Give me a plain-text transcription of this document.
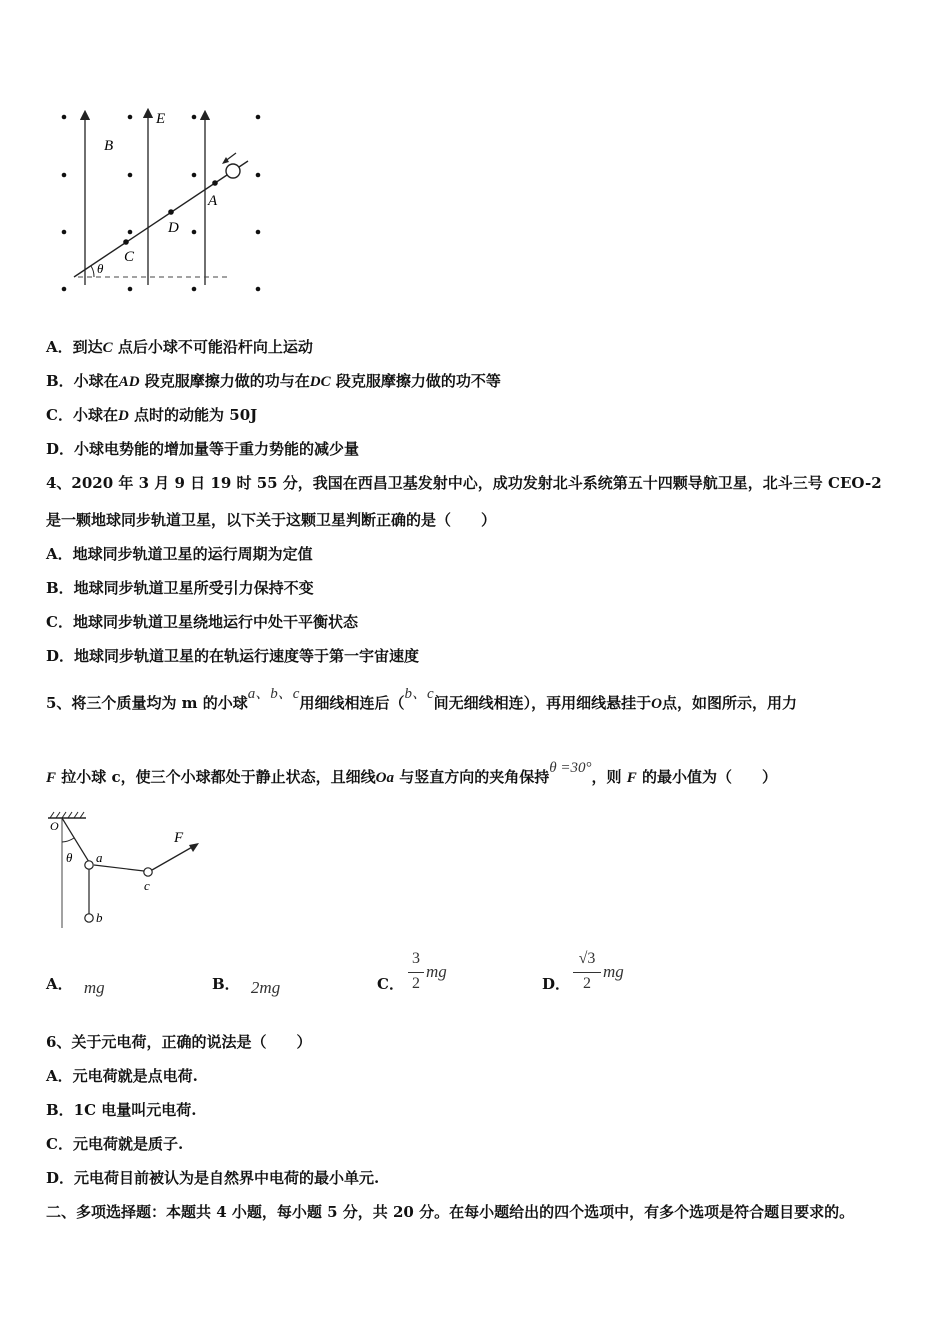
B
E
A
D
C
θ
A．到达C 点后小球不可能沿杆向上运动
B．小球在AD 段克服摩擦力做的功与在DC 段克服摩擦力做的功不等
C．小球在D 点时的动能为 50J
D．小球电势能的增加量等于重力势能的减少量
4、2020 年 3 月 9 日 19 时 55 分，我国在西昌卫基发射中心，成功发射北斗系统第五十四颗导航卫星，北斗三号 CEO-2
是一颗地球同步轨道卫星，以下关于这颗卫星判断正确的是（　　）
A．地球同步轨道卫星的运行周期为定值
B．地球同步轨道卫星所受引力保持不变
C．地球同步轨道卫星绕地运行中处干平衡状态
D．地球同步轨道卫星的在轨运行速度等于第一宇宙速度
5、将三个质量均为 m 的小球a、b、c用细线相连后（b、c间无细线相连），再用细线悬挂于O点，如图所示，用力
F 拉小球 c，使三个小球都处于静止状态，且细线Oa 与竖直方向的夹角保持θ =30°，则 F 的最小值为（　　）
O
θ a
b
c
F
A． mg	B． 2mg	C．
3
2
mg
D．
√3
2
mg
6、关于元电荷，正确的说法是（　　）
A．元电荷就是点电荷.
B．1C 电量叫元电荷.
C．元电荷就是质子.
D．元电荷目前被认为是自然界中电荷的最小单元.
二、多项选择题：本题共 4 小题，每小题 5 分，共 20 分。在每小题给出的四个选项中，有多个选项是符合题目要求的。
